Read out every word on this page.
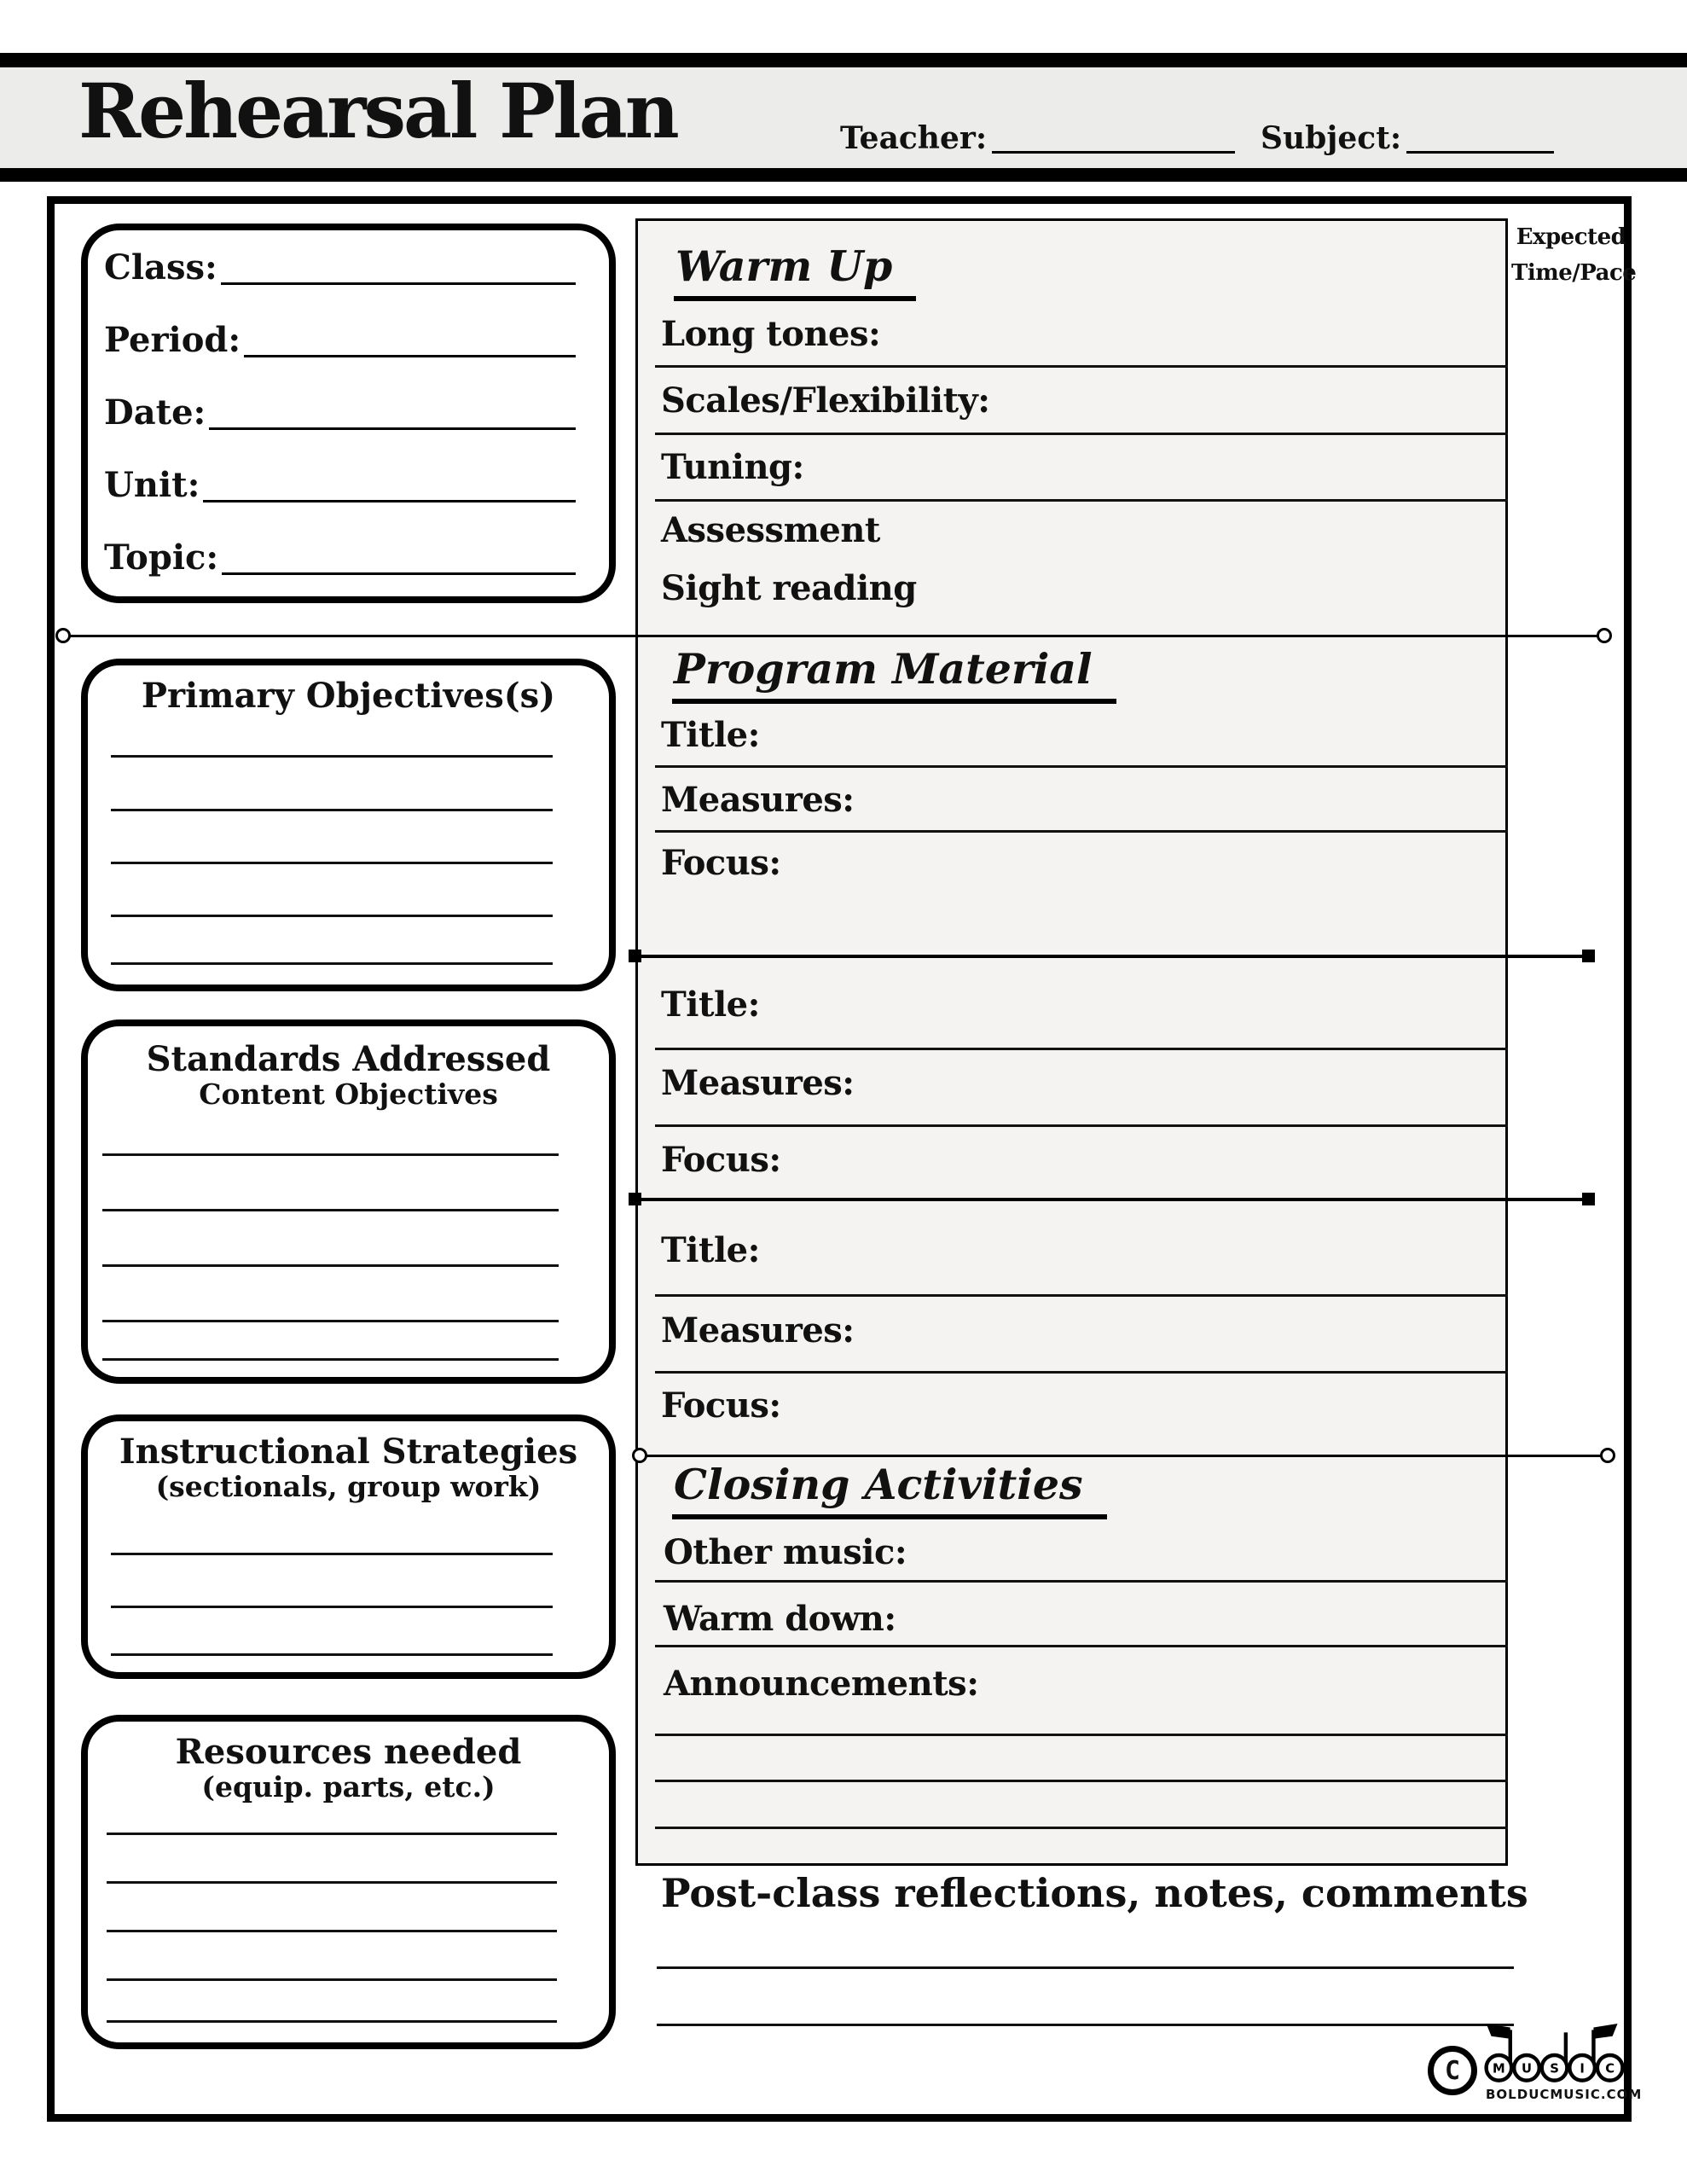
Rehearsal Plan	Teacher:	Subject:
Expected
Time/Pace
Class:
Period:
Date:
Unit:
Topic:
Primary Objectives(s)
Standards Addressed
Content Objectives
Instructional Strategies
(sectionals, group work)
Resources needed
(equip. parts, etc.)
Warm Up
Long tones:
Scales/Flexibility:
Tuning:
Assessment
Sight reading
Program Material
Title:
Measures:
Focus:
Title:
Measures:
Focus:
Title:
Measures:
Focus:
Closing Activities
Other music:
Warm down:
Announcements:
Post-class reflections, notes, comments
C	M U S I C
BOLDUCMUSIC.COM
